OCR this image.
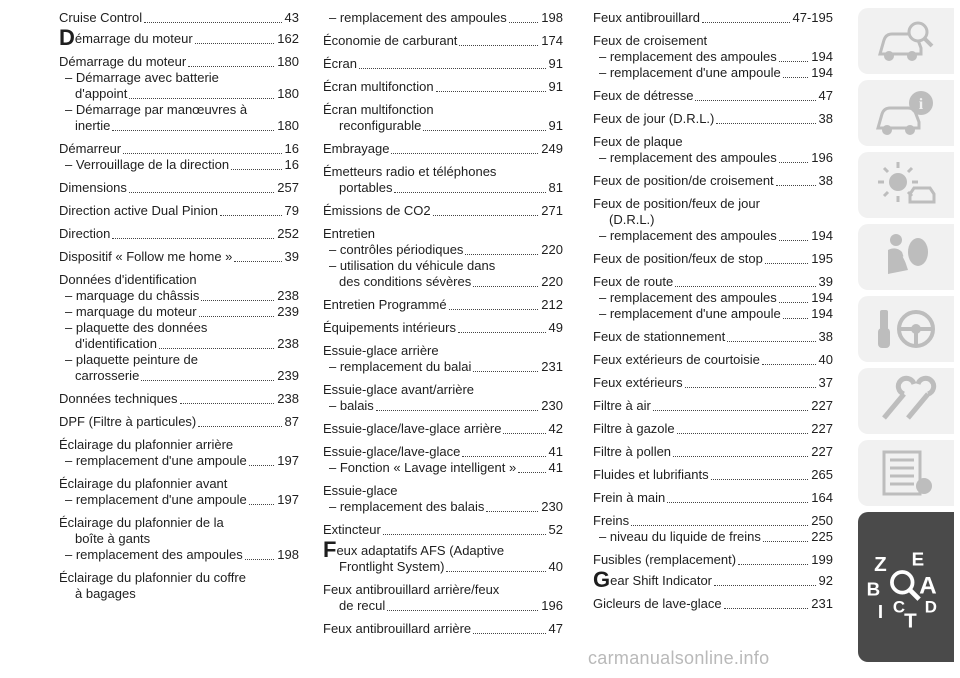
Cruise Control	43
D émarrage du moteur	162
Démarrage du moteur	180
– Démarrage avec batterie
d'appoint	180
– Démarrage par manœuvres à
inertie	180
Démarreur	16
– Verrouillage de la direction	16
Dimensions	257
Direction active Dual Pinion	79
Direction	252
Dispositif « Follow me home »	39
Données d'identification
– marquage du châssis	238
– marquage du moteur	239
– plaquette des données
d'identification	238
– plaquette peinture de
carrosserie	239
Données techniques	238
DPF (Filtre à particules)	87
Éclairage du plafonnier arrière
– remplacement d'une ampoule 197
Éclairage du plafonnier avant
– remplacement d'une ampoule 197
Éclairage du plafonnier de la
boîte à gants
– remplacement des ampoules	198
Éclairage du plafonnier du coffre
à bagages
– remplacement des ampoules	198
Économie de carburant	174
Écran	91
Écran multifonction	91
Écran multifonction
reconfigurable	91
Embrayage	249
Émetteurs radio et téléphones
portables	81
Émissions de CO2	271
Entretien
– contrôles périodiques	220
– utilisation du véhicule dans
des conditions sévères	220
Entretien Programmé	212
Équipements intérieurs	49
Essuie-glace arrière
– remplacement du balai	231
Essuie-glace avant/arrière
– balais	230
Essuie-glace/lave-glace arrière	42
Essuie-glace/lave-glace	41
– Fonction « Lavage intelligent » 41
Essuie-glace
– remplacement des balais	230
Extincteur	52
F eux adaptatifs AFS (Adaptive
Frontlight System)	40
Feux antibrouillard arrière/feux
de recul	196
Feux antibrouillard arrière	47
Feux antibrouillard	47-195
Feux de croisement
– remplacement des ampoules	194
– remplacement d'une ampoule 194
Feux de détresse	47
Feux de jour (D.R.L.)	38
Feux de plaque
– remplacement des ampoules	196
Feux de position/de croisement	38
Feux de position/feux de jour
(D.R.L.)
– remplacement des ampoules	194
Feux de position/feux de stop	195
Feux de route	39
– remplacement des ampoules	194
– remplacement d'une ampoule 194
Feux de stationnement	38
Feux extérieurs de courtoisie	40
Feux extérieurs	37
Filtre à air	227
Filtre à gazole	227
Filtre à pollen	227
Fluides et lubrifiants	265
Frein à main	164
Freins	250
– niveau du liquide de freins	225
Fusibles (remplacement)	199
G ear Shift Indicator	92
Gicleurs de lave-glace	231
i
Z E
B A
C D
I T
carmanualsonline.info
